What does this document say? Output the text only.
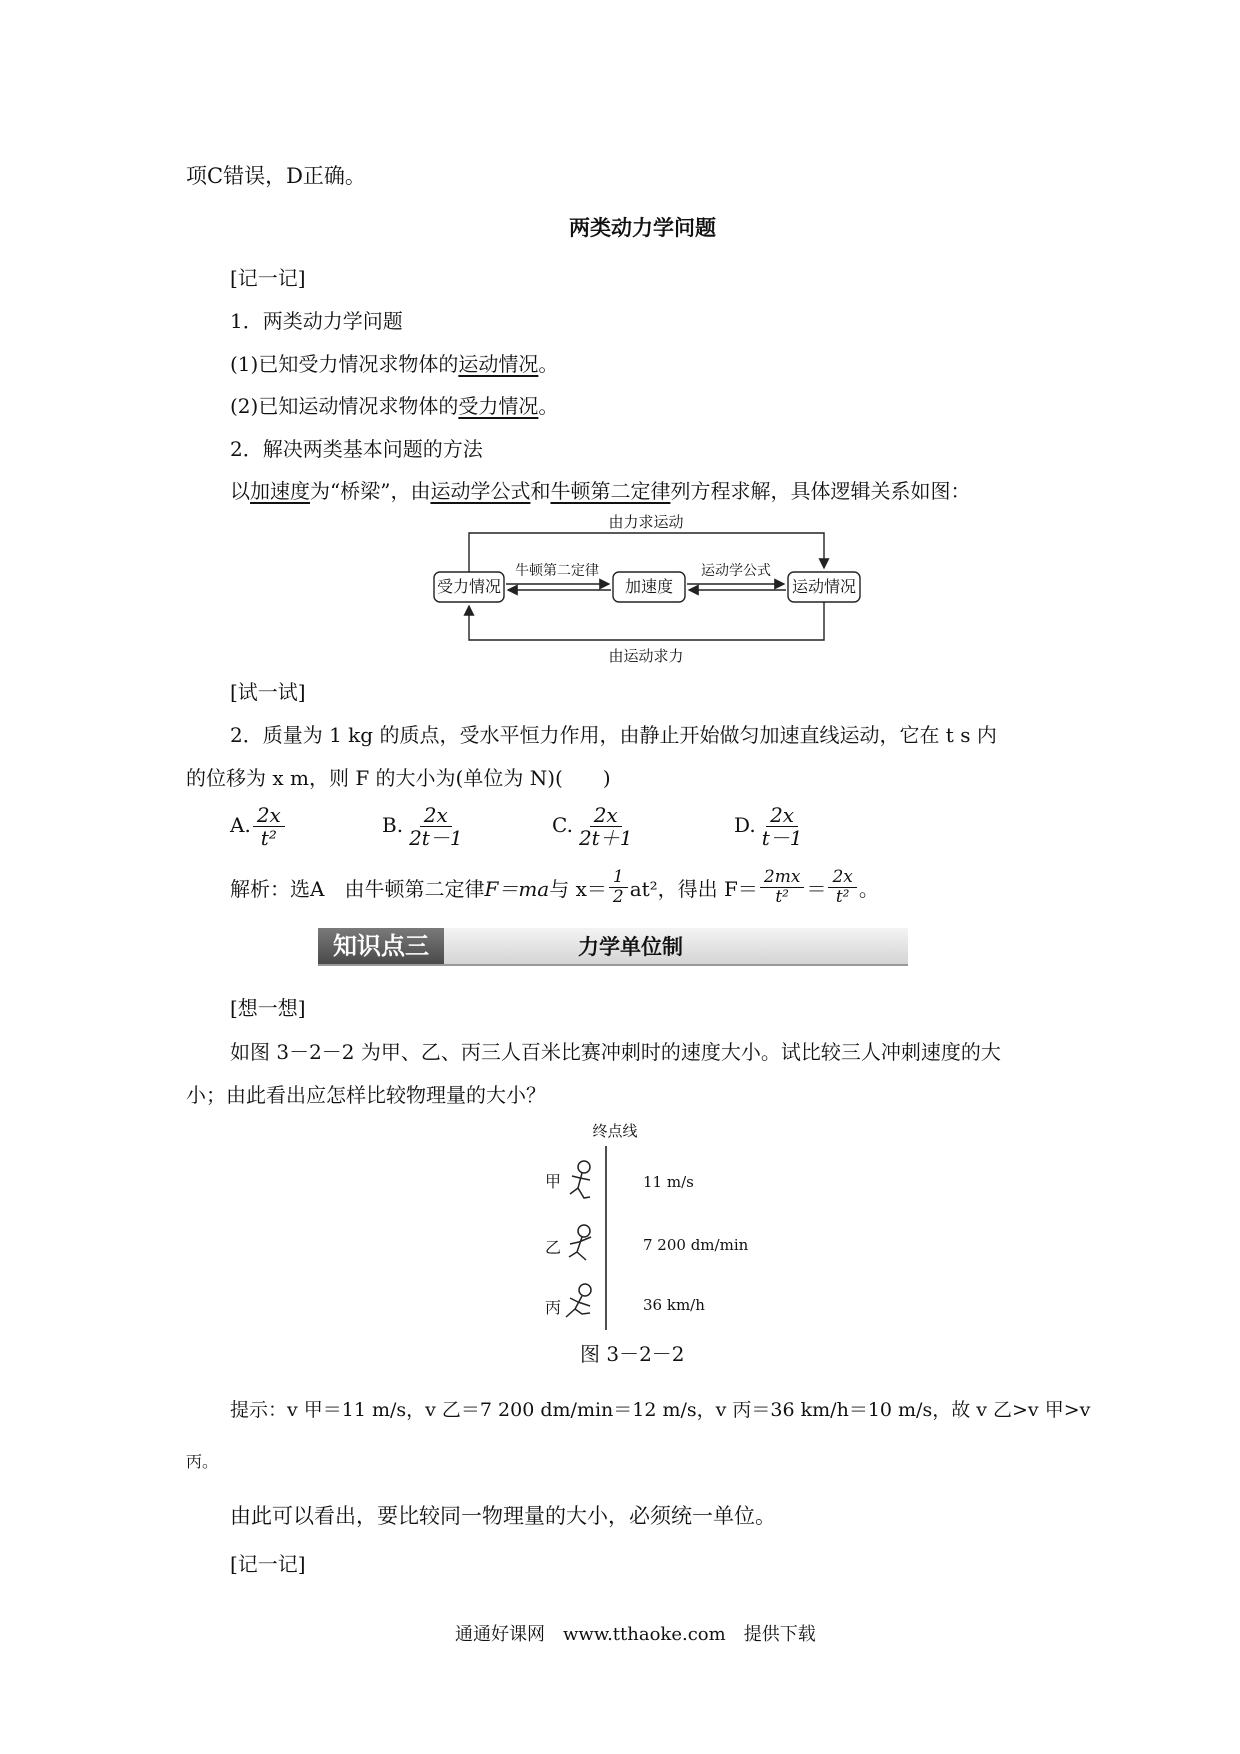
项C错误，D正确。
两类动力学问题
[记一记]
1．两类动力学问题
(1)已知受力情况求物体的运动情况。
(2)已知运动情况求物体的受力情况。
2．解决两类基本问题的方法
以加速度为“桥梁”，由运动学公式和牛顿第二定律列方程求解，具体逻辑关系如图：
受力情况	加速度	运动情况
由力求运动
由运动求力
牛顿第二定律	运动学公式
[试一试]
2．质量为 1 kg 的质点，受水平恒力作用，由静止开始做匀加速直线运动，它在 t s 内
的位移为 x m，则 F 的大小为(单位为 N)(　　)
A. $\frac{2x}{\text{t²}}$	B. $\frac{2x}{2t-1}$	C. $\frac{2x}{2t+1}$	D. $\frac{2x}{t-1}$
解析：选A　由牛顿第二定律 F＝ma 与 $x= \frac{1}{2} at^2$，得出 $F= \frac{2mx}{\text{t²}} = \frac{2x}{\text{t²}}$ 。
知识点三	力学单位制
[想一想]
如图 3－2－2 为甲、乙、丙三人百米比赛冲刺时的速度大小。试比较三人冲刺速度的大
小；由此看出应怎样比较物理量的大小？
终点线
甲
乙
丙
11 m/s
7 200 dm/min
36 km/h
图 3－2－2
提示：v 甲＝11 m/s，v 乙＝7 200 dm/min＝12 m/s，v 丙＝36 km/h＝10 m/s，故 v 乙>v 甲>v
丙。
由此可以看出，要比较同一物理量的大小，必须统一单位。
[记一记]
通通好课网　www.tthaoke.com　提供下载
